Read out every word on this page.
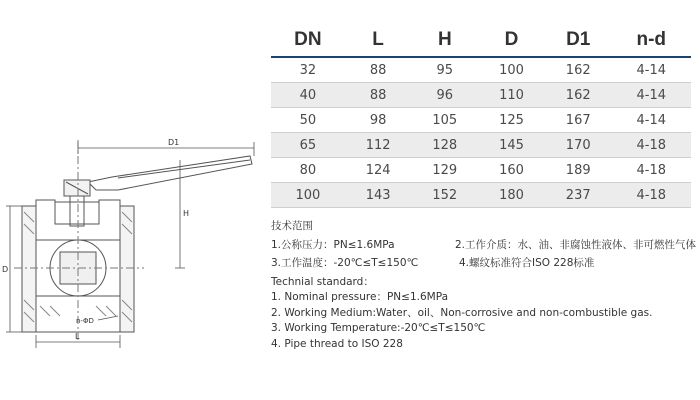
D1
H
D
n-ΦD
L
DN	L	H	D	D1	n-d
32	88	95	100	162	4-14
40	88	96	110	162	4-14
50	98	105	125	167	4-14
65	112	128	145	170	4-18
80	124	129	160	189	4-18
100	143	152	180	237	4-18
技术范围
1.公称压力：PN≤1.6MPa	2.工作介质：水、油、非腐蚀性液体、非可燃性气体
3.工作温度：-20℃≤T≤150℃	4.螺纹标准符合ISO 228标准
Technial standard：
1. Nominal pressure：PN≤1.6MPa
2. Working Medium:Water、oil、Non-corrosive and non-combustible gas.
3. Working Temperature:-20℃≤T≤150℃
4. Pipe thread to ISO 228
